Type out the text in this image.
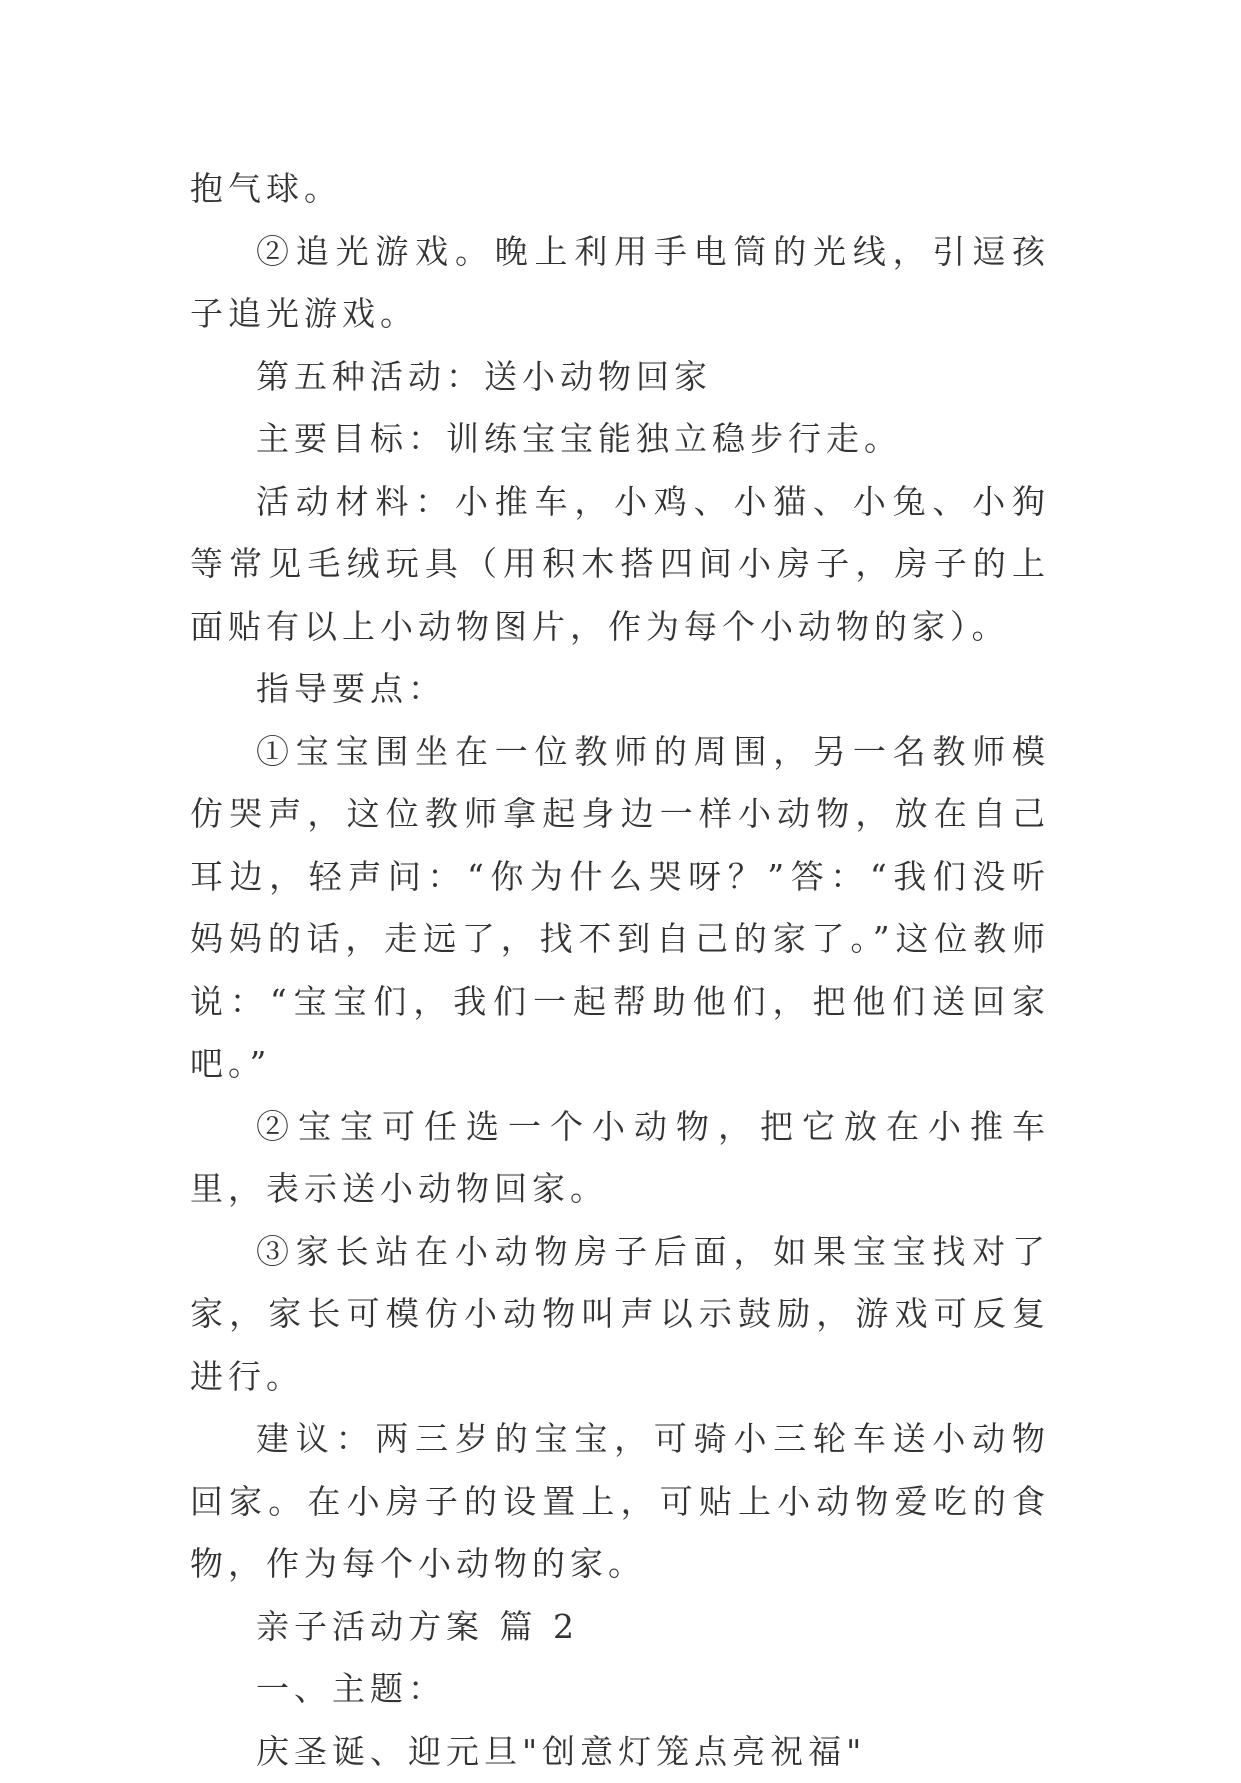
抱气球。

②追光游戏。晚上利用手电筒的光线，引逗孩子追光游戏。

第五种活动：送小动物回家

主要目标：训练宝宝能独立稳步行走。

活动材料：小推车，小鸡、小猫、小兔、小狗等常见毛绒玩具（用积木搭四间小房子，房子的上面贴有以上小动物图片，作为每个小动物的家）。

指导要点：

①宝宝围坐在一位教师的周围，另一名教师模仿哭声，这位教师拿起身边一样小动物，放在自己耳边，轻声问：“你为什么哭呀？”答：“我们没听妈妈的话，走远了，找不到自己的家了。”这位教师说：“宝宝们，我们一起帮助他们，把他们送回家吧。”

②宝宝可任选一个小动物，把它放在小推车里，表示送小动物回家。

③家长站在小动物房子后面，如果宝宝找对了家，家长可模仿小动物叫声以示鼓励，游戏可反复进行。

建议：两三岁的宝宝，可骑小三轮车送小动物回家。在小房子的设置上，可贴上小动物爱吃的食物，作为每个小动物的家。

亲子活动方案 篇 2

一、主题：

庆圣诞、迎元旦"创意灯笼点亮祝福"
